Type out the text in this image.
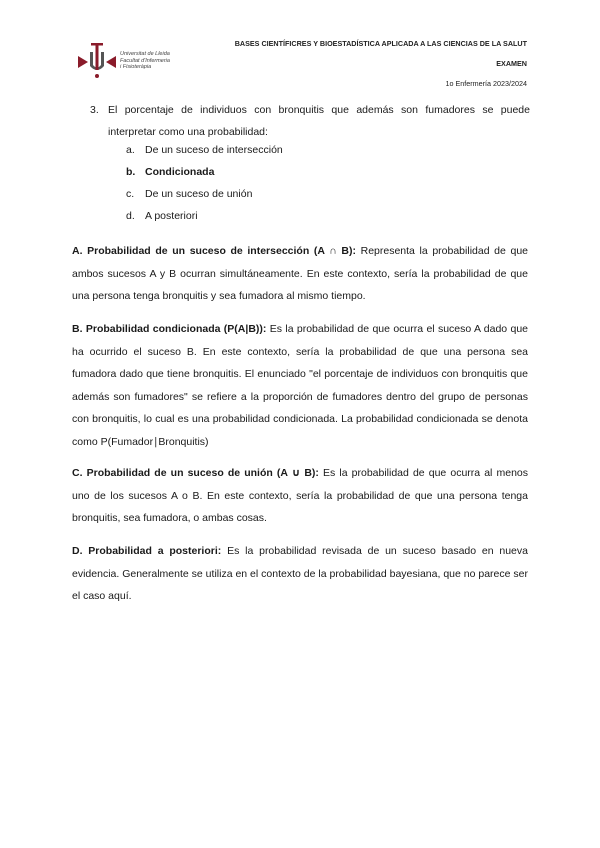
Universitat de Lleida
Facultat d'Infermeria
i Fisioteràpia
BASES CIENTÍFICRES Y BIOESTADÍSTICA APLICADA A LAS CIENCIAS DE LA SALUT
EXAMEN
1o Enfermería 2023/2024
3. El porcentaje de individuos con bronquitis que además son fumadores se puede interpretar como una probabilidad:
a. De un suceso de intersección
b. Condicionada
c. De un suceso de unión
d. A posteriori

A. Probabilidad de un suceso de intersección (A ∩ B): Representa la probabilidad de que ambos sucesos A y B ocurran simultáneamente. En este contexto, sería la probabilidad de que una persona tenga bronquitis y sea fumadora al mismo tiempo.

B. Probabilidad condicionada (P(A|B)): Es la probabilidad de que ocurra el suceso A dado que ha ocurrido el suceso B. En este contexto, sería la probabilidad de que una persona sea fumadora dado que tiene bronquitis. El enunciado "el porcentaje de individuos con bronquitis que además son fumadores" se refiere a la proporción de fumadores dentro del grupo de personas con bronquitis, lo cual es una probabilidad condicionada. La probabilidad condicionada se denota como P(Fumador∣Bronquitis)

C. Probabilidad de un suceso de unión (A ∪ B): Es la probabilidad de que ocurra al menos uno de los sucesos A o B. En este contexto, sería la probabilidad de que una persona tenga bronquitis, sea fumadora, o ambas cosas.

D. Probabilidad a posteriori: Es la probabilidad revisada de un suceso basado en nueva evidencia. Generalmente se utiliza en el contexto de la probabilidad bayesiana, que no parece ser el caso aquí.
